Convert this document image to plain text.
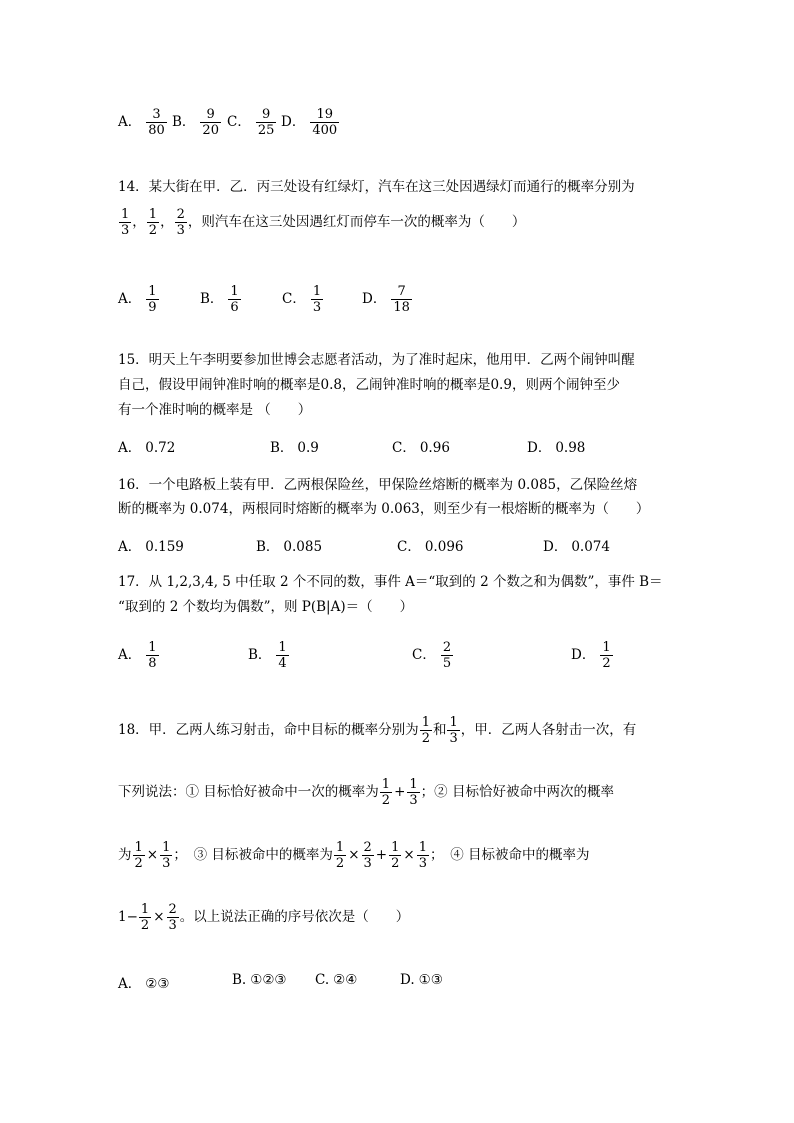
A． $\frac{3}{80}$ B． $\frac{9}{20}$ C． $\frac{9}{25}$ D． $\frac{19}{400}$
14．某大街在甲．乙．丙三处设有红绿灯，汽车在这三处因遇绿灯而通行的概率分别为
$\frac{1}{3}$ ， $\frac{1}{2}$ ， $\frac{2}{3}$ ，则汽车在这三处因遇红灯而停车一次的概率为（　　）
A． $\frac{1}{9}$	B． $\frac{1}{6}$	C． $\frac{1}{3}$	D． $\frac{7}{18}$
15．明天上午李明要参加世博会志愿者活动，为了准时起床，他用甲．乙两个闹钟叫醒
自己，假设甲闹钟准时响的概率是0.8，乙闹钟准时响的概率是0.9，则两个闹钟至少
有一个准时响的概率是 （　　）
A． 0.72	B． 0.9	C． 0.96	D． 0.98
16．一个电路板上装有甲．乙两根保险丝，甲保险丝熔断的概率为 0.085，乙保险丝熔
断的概率为 0.074，两根同时熔断的概率为 0.063，则至少有一根熔断的概率为（　　）
A． 0.159	B． 0.085	C． 0.096	D． 0.074
17．从 1,2,3,4, 5 中任取 2 个不同的数，事件 A＝“取到的 2 个数之和为偶数”，事件 B＝
“取到的 2 个数均为偶数”，则 P(B|A)＝（　　）
A． $\frac{1}{8}$	B． $\frac{1}{4}$	C． $\frac{2}{5}$	D． $\frac{1}{2}$
18．甲．乙两人练习射击，命中目标的概率分别为 $\frac{1}{2}$ 和 $\frac{1}{3}$ ，甲．乙两人各射击一次，有
下列说法：① 目标恰好被命中一次的概率为 $\frac{1}{2} + \frac{1}{3}$ ；② 目标恰好被命中两次的概率
为 $\frac{1}{2} \times \frac{1}{3}$ ；　③ 目标被命中的概率为 $\frac{1}{2} \times \frac{2}{3} + \frac{1}{2} \times \frac{1}{3}$ ；　④ 目标被命中的概率为
$1- \frac{1}{2} \times \frac{2}{3}$ 。以上说法正确的序号依次是（　　）
A． ②③	B. ①②③ C. ②④	D. ①③
